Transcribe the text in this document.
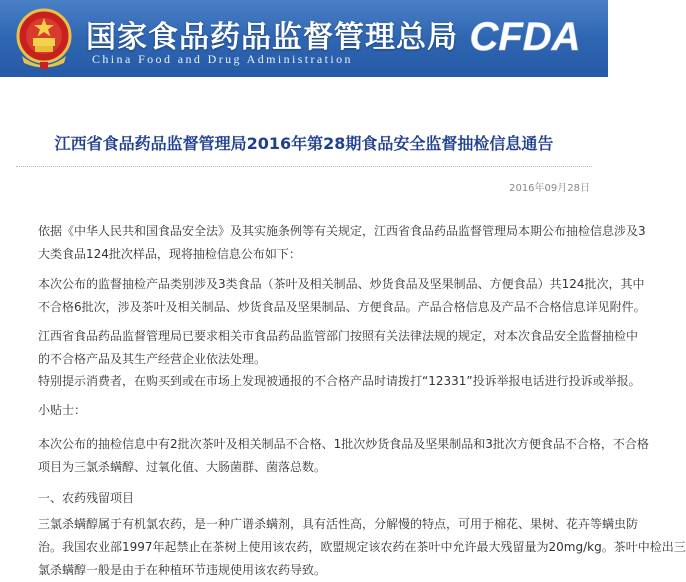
国家食品药品监督管理总局
China Food and Drug Administration	CFDA
江西省食品药品监督管理局2016年第28期食品安全监督抽检信息通告
2016年09月28日
依据《中华人民共和国食品安全法》及其实施条例等有关规定，江西省食品药品监督管理局本期公布抽检信息涉及3
大类食品124批次样品，现将抽检信息公布如下：
本次公布的监督抽检产品类别涉及3类食品（茶叶及相关制品、炒货食品及坚果制品、方便食品）共124批次，其中
不合格6批次，涉及茶叶及相关制品、炒货食品及坚果制品、方便食品。产品合格信息及产品不合格信息详见附件。
江西省食品药品监督管理局已要求相关市食品药品监管部门按照有关法律法规的规定，对本次食品安全监督抽检中
的不合格产品及其生产经营企业依法处理。
特别提示消费者，在购买到或在市场上发现被通报的不合格产品时请拨打“12331”投诉举报电话进行投诉或举报。
小贴士：
本次公布的抽检信息中有2批次茶叶及相关制品不合格、1批次炒货食品及坚果制品和3批次方便食品不合格，不合格
项目为三氯杀螨醇、过氧化值、大肠菌群、菌落总数。
一、农药残留项目
三氯杀螨醇属于有机氯农药，是一种广谱杀螨剂，具有活性高，分解慢的特点，可用于棉花、果树、花卉等螨虫防
治。我国农业部1997年起禁止在茶树上使用该农药，欧盟规定该农药在茶叶中允许最大残留量为20mg/kg。茶叶中检出三
氯杀螨醇一般是由于在种植环节违规使用该农药导致。
